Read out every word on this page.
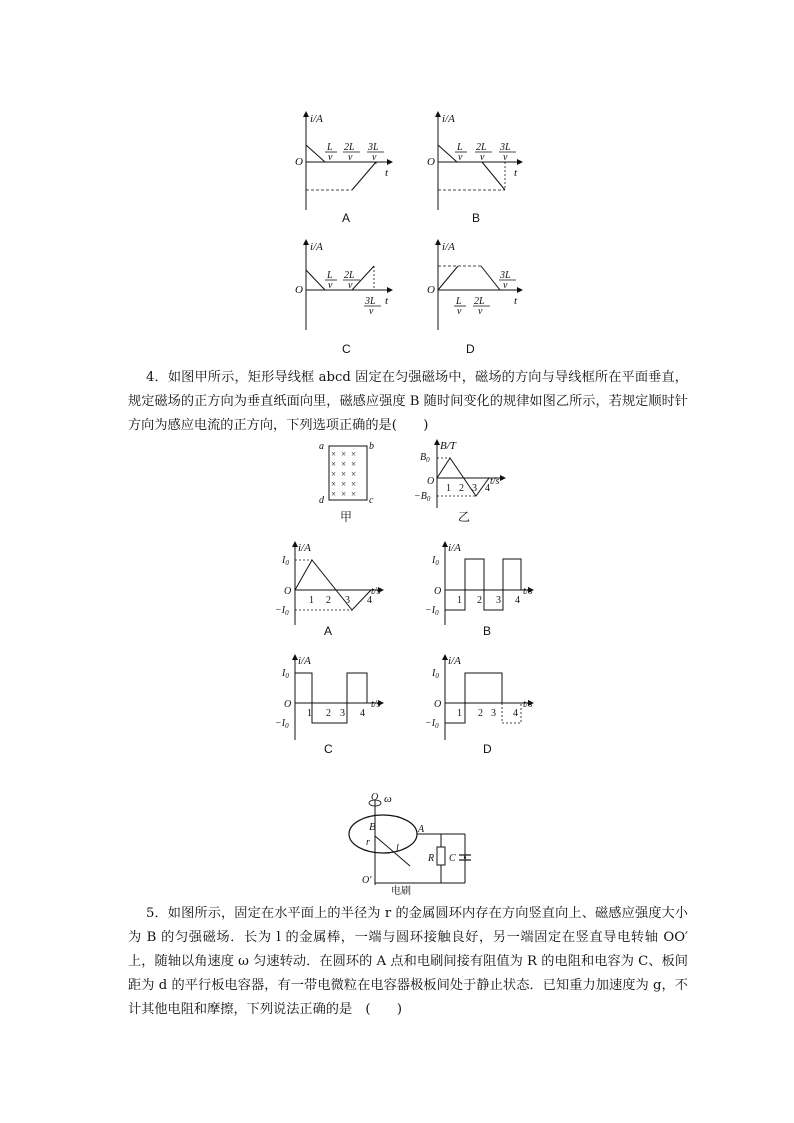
i/A
O
t
L
v
2L
v
3L
v
A
i/A
O
t
L
v
2L
v
3L
v
B
i/A
O
t
L
v
2L
v
3L
v
C
i/A
O
t
L
v
2L
v
3L
v
D
4．如图甲所示，矩形导线框 abcd 固定在匀强磁场中，磁场的方向与导线框所在平面垂直，规定磁场的正方向为垂直纸面向里，磁感应强度 B 随时间变化的规律如图乙所示，若规定顺时针方向为感应电流的正方向，下列选项正确的是(　　)
a	b
d	c
× × ×
× × ×
× × ×
× × ×
× × ×
甲
B/T
$B_0$
$-B_0$
O
1 2 3 4
t/s
乙
i/A
$I_0$
O
$-I_0$
1 2 3 4
t/s
A
i/A
$I_0$
O
$-I_0$
1 2 3 4
t/s
B
i/A
$I_0$
O
$-I_0$
1 2 3 4
t/s
C
i/A
$I_0$
O
$-I_0$
1 2 3 4
t/s
D
O ω
B
r
l
A
R C
O′
电刷
5．如图所示，固定在水平面上的半径为 r 的金属圆环内存在方向竖直向上、磁感应强度大小为 B 的匀强磁场．长为 l 的金属棒，一端与圆环接触良好，另一端固定在竖直导电转轴 OO′上，随轴以角速度 ω 匀速转动．在圆环的 A 点和电刷间接有阻值为 R 的电阻和电容为 C、板间距为 d 的平行板电容器，有一带电微粒在电容器极板间处于静止状态．已知重力加速度为 g，不计其他电阻和摩擦，下列说法正确的是　(　　)
